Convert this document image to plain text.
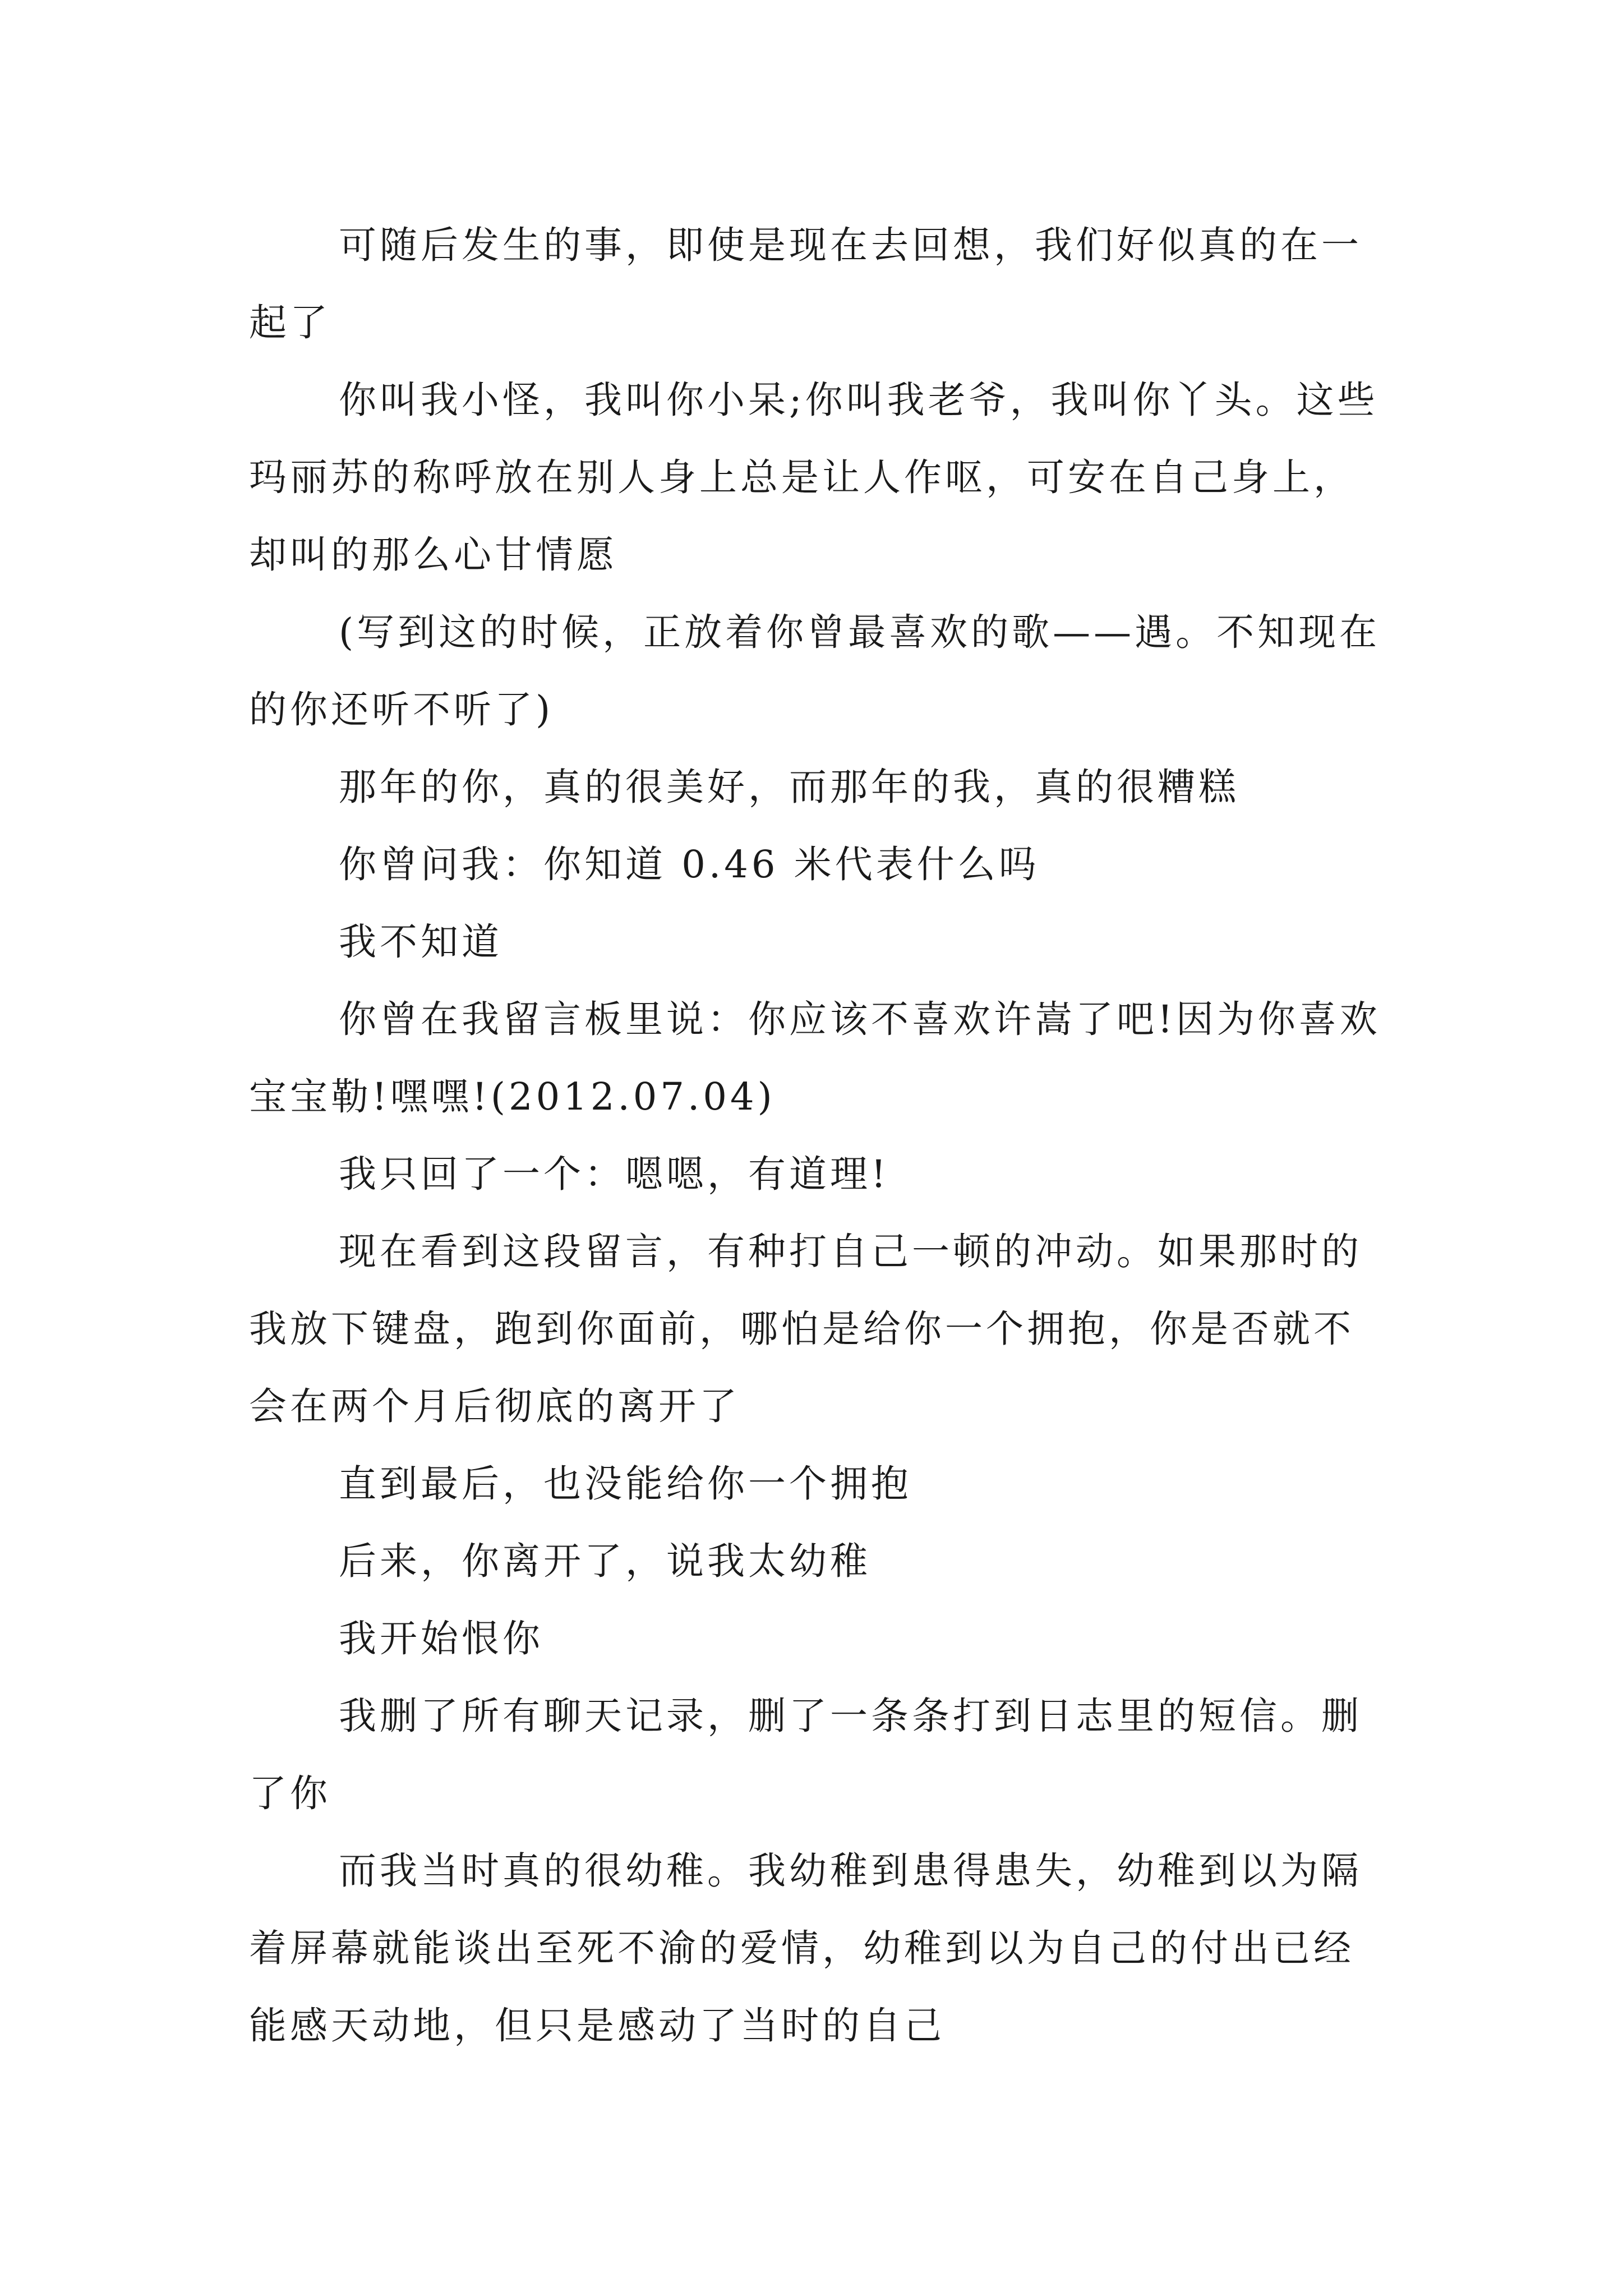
可随后发生的事，即使是现在去回想，我们好似真的在一起了

你叫我小怪，我叫你小呆;你叫我老爷，我叫你丫头。这些玛丽苏的称呼放在别人身上总是让人作呕，可安在自己身上，却叫的那么心甘情愿

(写到这的时候，正放着你曾最喜欢的歌——遇。不知现在的你还听不听了)

那年的你，真的很美好，而那年的我，真的很糟糕

你曾问我：你知道 0.46 米代表什么吗

我不知道

你曾在我留言板里说：你应该不喜欢许嵩了吧!因为你喜欢宝宝勒!嘿嘿!(2012.07.04)

我只回了一个：嗯嗯，有道理!

现在看到这段留言，有种打自己一顿的冲动。如果那时的我放下键盘，跑到你面前，哪怕是给你一个拥抱，你是否就不会在两个月后彻底的离开了

直到最后，也没能给你一个拥抱

后来，你离开了，说我太幼稚

我开始恨你

我删了所有聊天记录，删了一条条打到日志里的短信。删了你

而我当时真的很幼稚。我幼稚到患得患失，幼稚到以为隔着屏幕就能谈出至死不渝的爱情，幼稚到以为自己的付出已经能感天动地，但只是感动了当时的自己
